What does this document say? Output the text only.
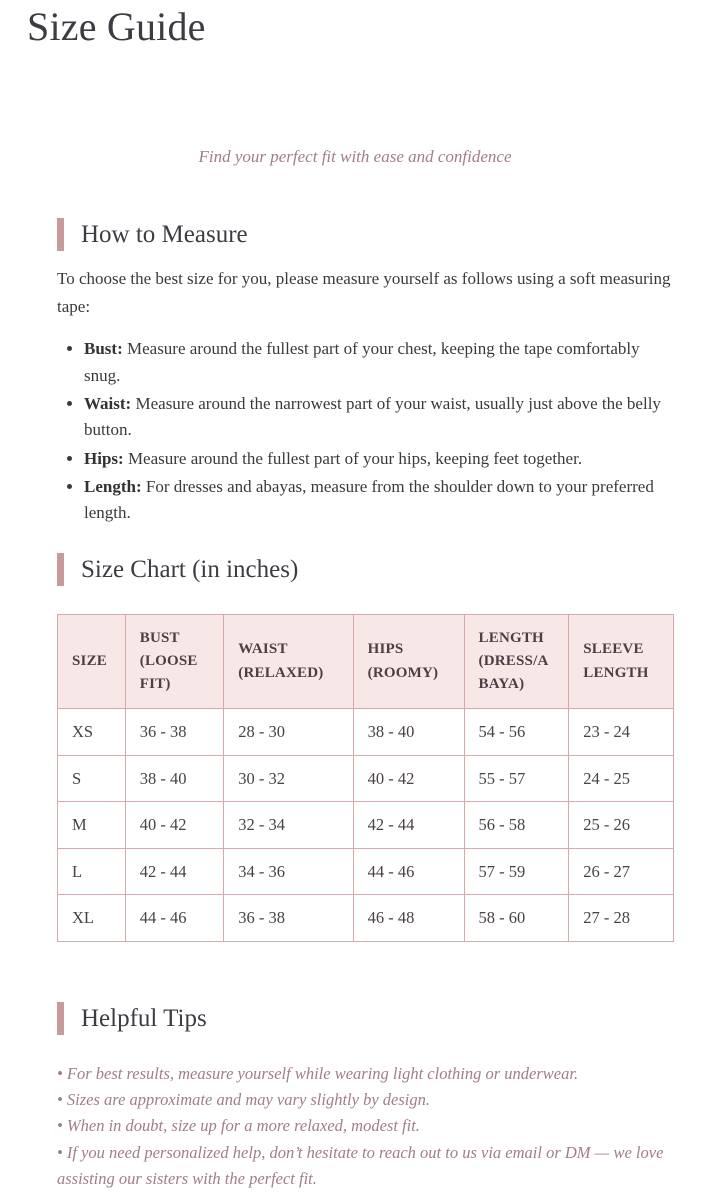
Size Guide

Find your perfect fit with ease and confidence

How to Measure

To choose the best size for you, please measure yourself as follows using a soft measuring tape:

• Bust: Measure around the fullest part of your chest, keeping the tape comfortably snug.
• Waist: Measure around the narrowest part of your waist, usually just above the belly button.
• Hips: Measure around the fullest part of your hips, keeping feet together.
• Length: For dresses and abayas, measure from the shoulder down to your preferred length.
Size Chart (in inches)
SIZE	BUST (LOOSE FIT)	WAIST (RELAXED)	HIPS (ROOMY)	LENGTH (DRESS/ABAYA)	SLEEVE LENGTH
XS	36 - 38	28 - 30	38 - 40	54 - 56	23 - 24
S	38 - 40	30 - 32	40 - 42	55 - 57	24 - 25
M	40 - 42	32 - 34	42 - 44	56 - 58	25 - 26
L	42 - 44	34 - 36	44 - 46	57 - 59	26 - 27
XL	44 - 46	36 - 38	46 - 48	58 - 60	27 - 28
Helpful Tips

• For best results, measure yourself while wearing light clothing or underwear.

• Sizes are approximate and may vary slightly by design.

• When in doubt, size up for a more relaxed, modest fit.

• If you need personalized help, don’t hesitate to reach out to us via email or DM — we love assisting our sisters with the perfect fit.
